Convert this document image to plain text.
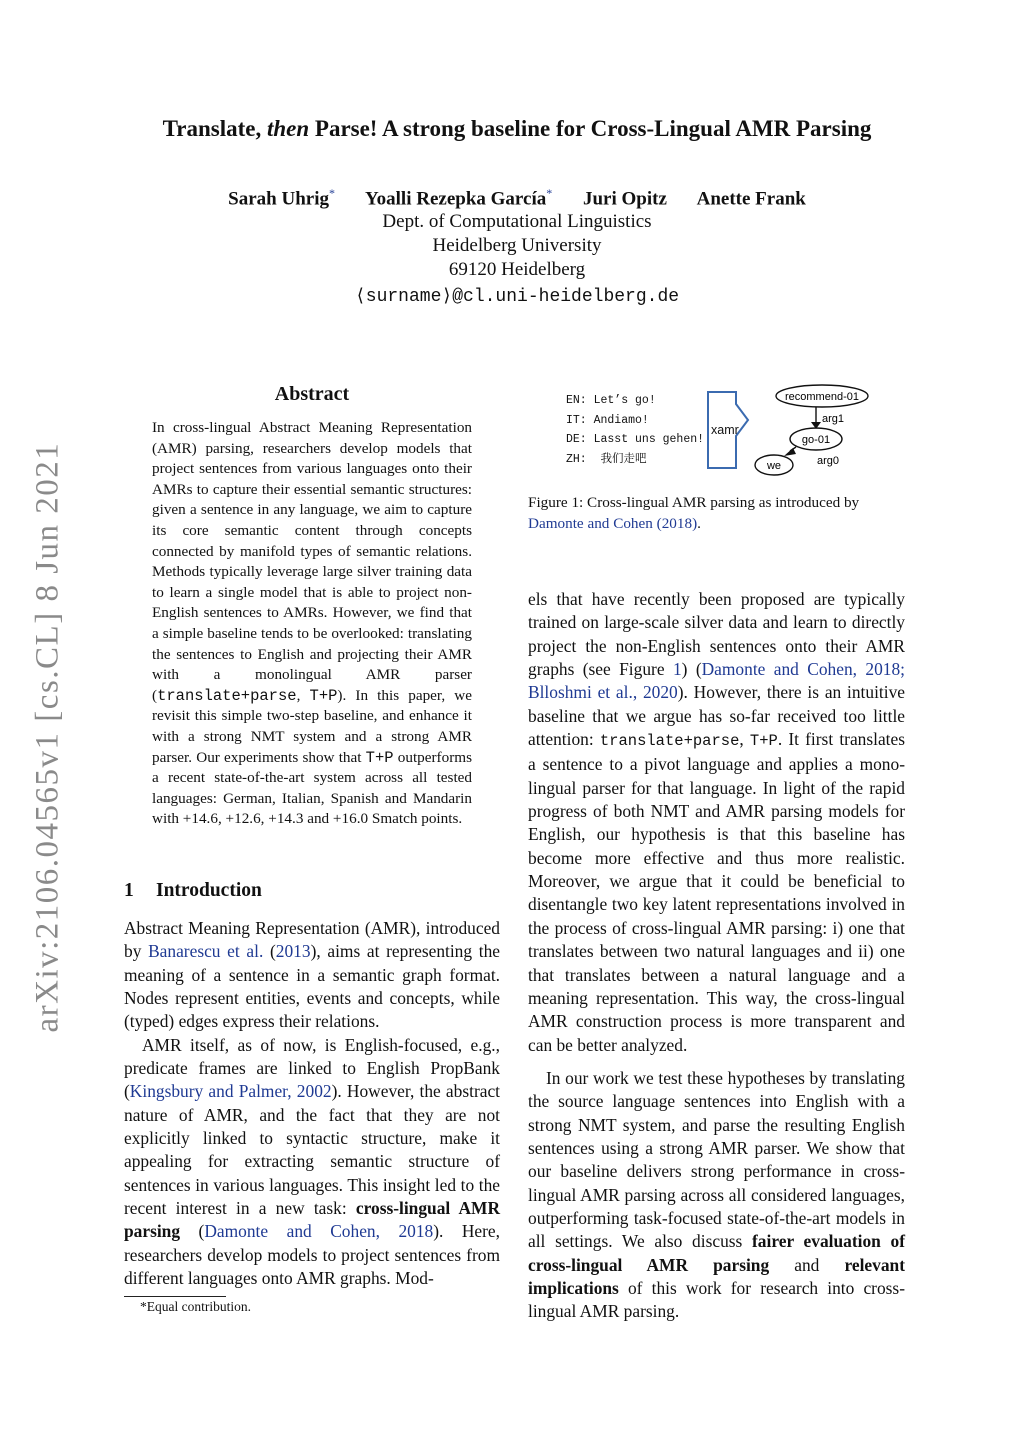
arXiv:2106.04565v1 [cs.CL] 8 Jun 2021
Translate, then Parse! A strong baseline for Cross-Lingual AMR Parsing
Sarah Uhrig* Yoalli Rezepka García* Juri Opitz Anette Frank
Dept. of Computational Linguistics
Heidelberg University
69120 Heidelberg
⟨surname⟩@cl.uni-heidelberg.de
Abstract
In cross-lingual Abstract Meaning Representation (AMR) parsing, researchers develop models that project sentences from various languages onto their AMRs to capture their essential semantic structures: given a sentence in any language, we aim to capture its core semantic content through concepts connected by manifold types of semantic relations. Methods typically leverage large silver training data to learn a single model that is able to project non-English sentences to AMRs. However, we find that a simple baseline tends to be overlooked: translating the sentences to English and projecting their AMR with a monolingual AMR parser (translate+parse, T+P). In this paper, we revisit this simple two-step baseline, and enhance it with a strong NMT system and a strong AMR parser. Our experiments show that T+P outperforms a recent state-of-the-art system across all tested languages: German, Italian, Spanish and Mandarin with +14.6, +12.6, +14.3 and +16.0 Smatch points.
1 Introduction

Abstract Meaning Representation (AMR), introduced by Banarescu et al. (2013), aims at representing the meaning of a sentence in a semantic graph format. Nodes represent entities, events and concepts, while (typed) edges express their relations.

AMR itself, as of now, is English-focused, e.g., predicate frames are linked to English PropBank (Kingsbury and Palmer, 2002). However, the abstract nature of AMR, and the fact that they are not explicitly linked to syntactic structure, make it appealing for extracting semantic structure of sentences in various languages. This insight led to the recent interest in a new task: cross-lingual AMR parsing (Damonte and Cohen, 2018). Here, researchers develop models to project sentences from different languages onto AMR graphs. Mod-

*Equal contribution.
EN: Let’s go!
IT: Andiamo!
DE: Lasst uns gehen!
ZH:  我们走吧
xamr
recommend-01
go-01
we
arg1
arg0
Figure 1: Cross-lingual AMR parsing as introduced by Damonte and Cohen (2018).

els that have recently been proposed are typically trained on large-scale silver data and learn to directly project the non-English sentences onto their AMR graphs (see Figure 1) (Damonte and Cohen, 2018; Blloshmi et al., 2020). However, there is an intuitive baseline that we argue has so-far received too little attention: translate+parse, T+P. It first translates a sentence to a pivot language and applies a mono-lingual parser for that language. In light of the rapid progress of both NMT and AMR parsing models for English, our hypothesis is that this baseline has become more effective and thus more realistic. Moreover, we argue that it could be beneficial to disentangle two key latent representations involved in the process of cross-lingual AMR parsing: i) one that translates between two natural languages and ii) one that translates between a natural language and a meaning representation. This way, the cross-lingual AMR construction process is more transparent and can be better analyzed.

In our work we test these hypotheses by translating the source language sentences into English with a strong NMT system, and parse the resulting English sentences using a strong AMR parser. We show that our baseline delivers strong performance in cross-lingual AMR parsing across all considered languages, outperforming task-focused state-of-the-art models in all settings. We also discuss fairer evaluation of cross-lingual AMR parsing and relevant implications of this work for research into cross-lingual AMR parsing.
